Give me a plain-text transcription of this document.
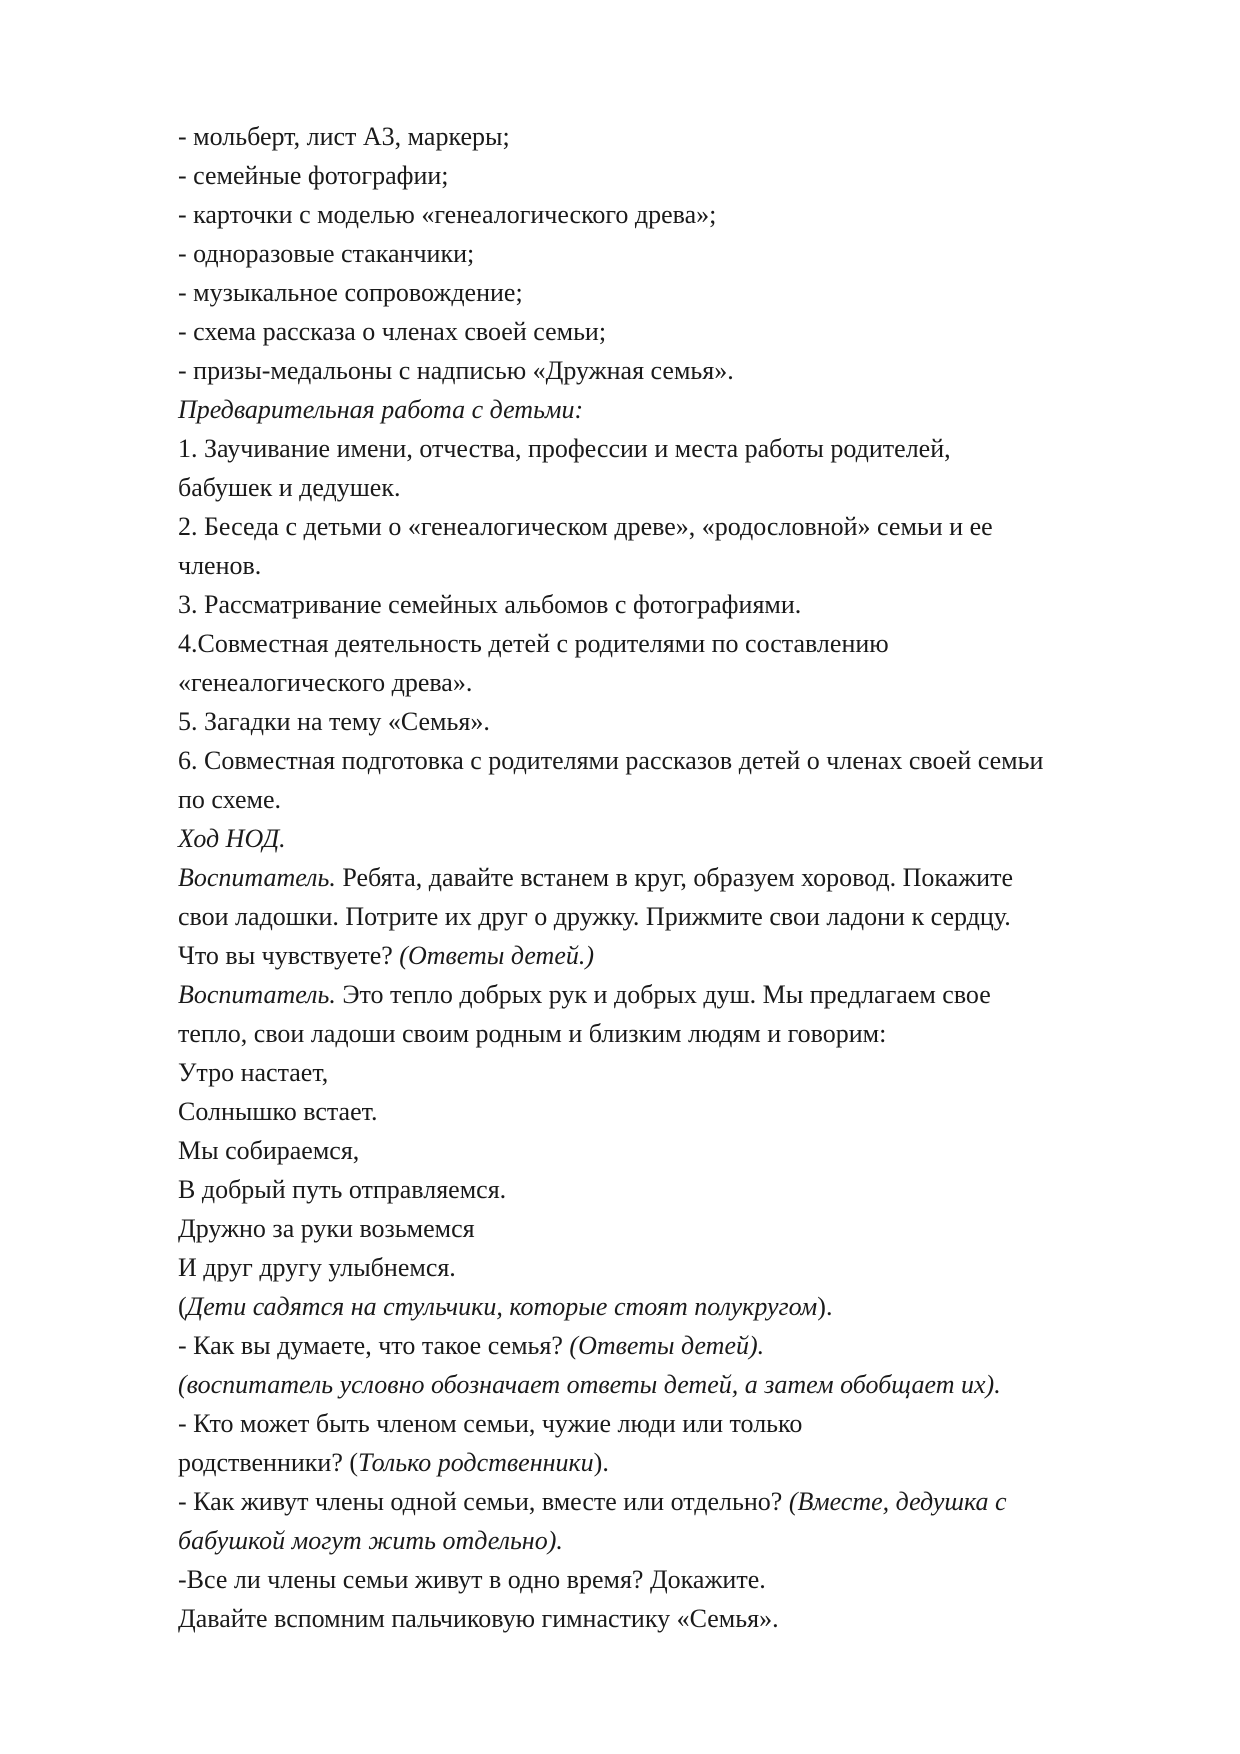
- мольберт, лист А3, маркеры;

- семейные фотографии;

- карточки с моделью «генеалогического древа»;

- одноразовые стаканчики;

- музыкальное сопровождение;

- схема рассказа о членах своей семьи;

- призы-медальоны с надписью «Дружная семья».

Предварительная работа с детьми:

1. Заучивание имени, отчества, профессии и места работы родителей,

бабушек и дедушек.

2. Беседа с детьми о «генеалогическом древе», «родословной» семьи и ее

членов.

3. Рассматривание семейных альбомов с фотографиями.

4.Совместная деятельность детей с родителями по составлению

«генеалогического древа».

5. Загадки на тему «Семья».

6. Совместная подготовка с родителями рассказов детей о членах своей семьи

по схеме.

Ход НОД.

Воспитатель. Ребята, давайте встанем в круг, образуем хоровод. Покажите

свои ладошки. Потрите их друг о дружку. Прижмите свои ладони к сердцу.

Что вы чувствуете? (Ответы детей.)

Воспитатель. Это тепло добрых рук и добрых душ. Мы предлагаем свое

тепло, свои ладоши своим родным и близким людям и говорим:

Утро настает,

Солнышко встает.

Мы собираемся,

В добрый путь отправляемся.

Дружно за руки возьмемся

И друг другу улыбнемся.

(Дети садятся на стульчики, которые стоят полукругом).

- Как вы думаете, что такое семья? (Ответы детей).

(воспитатель условно обозначает ответы детей, а затем обобщает их).

- Кто может быть членом семьи, чужие люди или только

родственники? (Только родственники).

- Как живут члены одной семьи, вместе или отдельно? (Вместе, дедушка с

бабушкой могут жить отдельно).

-Все ли члены семьи живут в одно время? Докажите.

Давайте вспомним пальчиковую гимнастику «Семья».
